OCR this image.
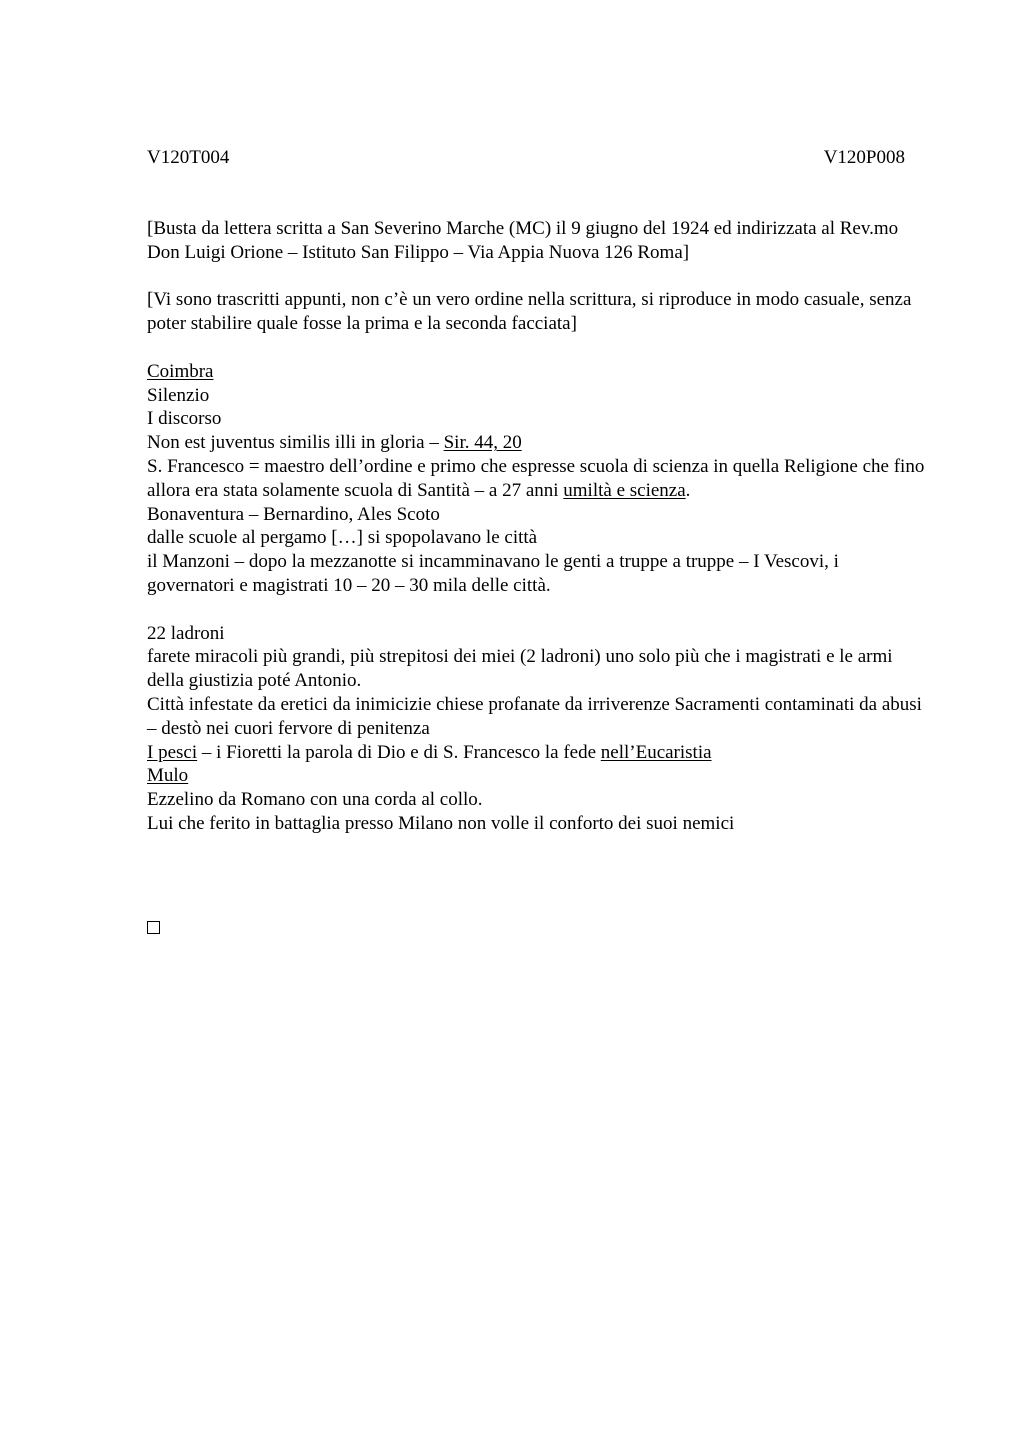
V120T004	V120P008

[Busta da lettera scritta a San Severino Marche (MC) il 9 giugno del 1924 ed indirizzata al Rev.mo Don Luigi Orione – Istituto San Filippo – Via Appia Nuova 126 Roma]

[Vi sono trascritti appunti, non c’è un vero ordine nella scrittura, si riproduce in modo casuale, senza poter stabilire quale fosse la prima e la seconda facciata]

Coimbra

Silenzio

I discorso

Non est juventus similis illi in gloria – Sir. 44, 20

S. Francesco = maestro dell’ordine e primo che espresse scuola di scienza in quella Religione che fino allora era stata solamente scuola di Santità – a 27 anni umiltà e scienza.

Bonaventura – Bernardino, Ales Scoto

dalle scuole al pergamo […] si spopolavano le città

il Manzoni – dopo la mezzanotte si incamminavano le genti a truppe a truppe – I Vescovi, i governatori e magistrati 10 – 20 – 30 mila delle città.

22 ladroni

farete miracoli più grandi, più strepitosi dei miei (2 ladroni) uno solo più che i magistrati e le armi della giustizia poté Antonio.

Città infestate da eretici da inimicizie chiese profanate da irriverenze Sacramenti contaminati da abusi – destò nei cuori fervore di penitenza

I pesci – i Fioretti la parola di Dio e di S. Francesco la fede nell’Eucaristia

Mulo

Ezzelino da Romano con una corda al collo.

Lui che ferito in battaglia presso Milano non volle il conforto dei suoi nemici
